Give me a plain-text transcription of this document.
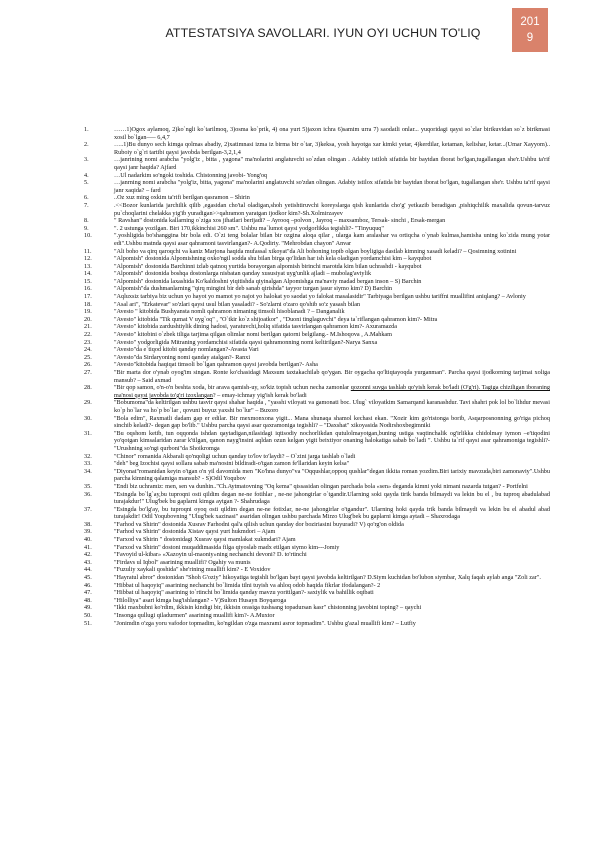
ATTESTATSIYA SAVOLLARI. IYUN OYI UCHUN TO'LIQ
201
9
1.	……1)Ogox aylamoq, 2)ko`ngli ko`tarilmoq, 3)osma ko`prik, 4) ona yurt 5)jaxon ichra 6)samim urra 7) saodatli onlar... yuqoridagi qaysi so`zlar birikuvidan so`z birikmasi xosil bo`lgan—– 6,4,7
2.	…..1)Bu dunyo sech kimga qolmas abadiy, 2)xatimnasi izma iz birma bir o`tar, 3)keksa, yosh hayotga xar kimki yetar, 4)kerdilar, ketaman, kelishar, ketar...(Umar Xayyom).. Rubоiy o`g`ri tartibi qaysi javobda berilgan-3,2,1,4
3.	…janrining nomi arabcha "yolg'iz , bitta , yagona" ma'nolarini anglatuvchi so`zdan olingan . Adabiy istiloh sifatida bir baytdan iborat bo'lgan,tugallangan she'r.Ushbu ta'rif qaysi janr haqida? Ajfard
4.	…Ul nadarkim so'ngoki toshida. Chistonning javobi- Yong'oq
5.	…janrning nomi arabcha "yolg'iz, bitta, yagona" ma'nolarini anglatuvchi so'zdan olingan. Adabiy istilox sifatida bir baytdan iborat bo'lgan, tugallangan she'r. Ushbu ta'rif qaysi janr xaqida? – fard
6.	..Oz xuz ming oxkim ta'rifi berilgan qasramon – Shirin
7.	.<<Bozor kunlarida jarchilik qilib ,egasidan cho'tal oladigan,shoh yetishtiruvchi koreyslarga qish kunlarida cho'g' yetkazib beradigan ,pishiqchilik maxalida qovun-tarvuz pu`choqlarini chelakka yig'ib yuradigan>>qahramon yaratgan ijodkor kim?-Sh.Xolmirzayev
8.	" Ravshan" dostonida kallarning o`ziga xos jihatlari berijadi? – Ayrooq –polvon , Jayroq – maxsamboz, Tersak- sinchi , Ersak-mergan
9.	". 2 ustunga yozilgan. Biri 170,ikkinchisi 260 sm". Ushbu ma`lumot qaysi yodgorlikka tegishli?- "Tinyuquq"
10.	".yoshligida bo'shanggina bir bola edi. O`zi teng bolalar bilan bir ozgina aloqa qilar , ularga kam aralashar va ortiqcha o`ynab kulmas,hamisha uning ko`zida mung yotar edi".Ushbu matnda qaysi asar qahramoni tasvirlangan?- A.Qodiriy. "Mehrobdan chayon" Anvar
11.	"Ali boho va qirq qaroqchi va kaniz Marjona haqida mufassal xikoyat"da Ali bohoning topib olgan boyligiga dastlab kimning xasadi keladi? – Qosimning xotinini
12.	"Alpomish" dostonida Alpomishning oxko'ngil sodda shu bilan birga qo'lidan har ish kela oladigan yordamchisi kim – kayqubot
13.	"Alpomish" dostonida Barchinni izlab qatnoq yurtida borayorgan alpomish birinchi marotda kim bilan uchrashdi - kayqubot
14.	"Alpomish" dostonida boshqa dostonlarga nisbatan qanday xususiyat uyg'unlik ajladi – mubolag'aviylik
15.	"Alpomish" dostonida laxashida Ko'kaldoshni yiqitishda qiyinalgan Alpomishga ma'naviy madad bergan inson – S) Barchin
16.	"Alpomish"da dushmanlarning "qirq mingini bir deb sanab qirishda" tayyor turgan jasur siymo kim? D) Barchin
17.	"Aqluxsiz tarbiya biz uchun yo hayot yo mamot yo najot yo halokat yo saodat yo falokat masalasidir" Tarbiyaga berilgan ushbu tariffni muallifini aniqlang? – Avloniy
18.	"Asal ari", "Erkatevar" so'zlari qaysi usul bilan yasaladi? - So'zlarni o'zaro qo'shib so'z yasash bilan
19.	"Avesto " kitobida Bushyansta nomli qahramon nimaning timsoli hisoblanadi ? – Danganalik
20.	"Avesto" kitobida "Tik qumat V uyg`oq" , "O`tkir ko`z shijoatkor" , "Duoni tinglaguvchi" deya ta`riflangan qahramon kim?- Mitra
21.	"Avesto" kitobida zardushtiylik dining hadosi, yaratuvchi,holiq sifatida tasvirlangan qahramon kim?- Axuramazda
22.	"Avesto" kitobini o`zbek tiliga tarjima qilgan olimlar nomi berilgan qatorni belgilang.- M.Ishoqova , A.Mahkam
23.	"Avesto" yodgorligida Mitraning yordamchisi sifatida qaysi qahramonning nomi keltirilgan?-Narya Sanxa
24.	"Avesto"da e`tiqod kitobi qanday nomlangan?-Avasta Vari
25.	"Avesto"da Sirdaryoning nomi qanday atalgan?- Ranxi
26.	"Avesto"kitobida haqiqat timsoli bo`lgan qahramon qaysi javobda berilgan?- Asha
27.	"Bir marta dor o'ynab oyog'im singan. Ronte ko'chasidagi Maxsum taxtakachilab qo'ygan. Bir oygacha qo'ltiqtayoqda yurganman". Parcha qaysi ijodkorning tarjimai xoliga mansub? – Said axmad
28.	"Bir qop samon, o'n-o'n beshta xoda, bir arava qamish-uy, so'kiz topish uchun necha zamonlar qozonni suvga tashlab qo'yish kerak bo'ladi (O'g'ri). Tagiga chiziligan iboraning ma'nosi qaysi javobda to'g'ri izoxlangan? – emay-ichmay yig'ish kerak bo'ladi
29.	"Bobumoma"da keltirilgan ushbu tasvir qaysi shahar haqida , "yasshi viloyati va gamonati boc. Ulug` viloyatkim Samarqand karanashdur. Tavi shahri pok lol bo`lihdur mevasi ko`p ho`lar va ho`p bo`lar , qovuni buyuz yaxshi bo`lur" – Buxoro
30.	"Bola edim", Raxmatli dadam gap er edilar. Bir mexmonxona yigit... Mana shunaqa shamol kechasi ekan. "Xozir kim go'ristonga borib, Asqarposnonning go'riga pichoq sinchib keladi?- degan gap bo'lib." Ushbu parcha qaysi asar qaxramoniga tegishli? – "Daxshat" xikoyasida Nodirshoxbegimniki
31.	"Bu oqshom ketib, tun oqqonda ishdan qaytadigan,nilasidagi iqtisodiy nochorlikdan qutulolmayotgan,buning ustiga vaqtinchalik og'irlikka chidolmay iymon –e'tiqodini yo'qotgan kimsalaridan zarar k'tilgan, qanon nayg'insini aqldan ozun kelgan yigit beixtiyor onaning halokatiga sabab bo`ladi ". Ushbu ta`rif qaysi asar qahramoniga tegishli?- "Urushning so'ngi qurboni"da Shoikromga
32.	"Chinor" romanida Akbarali qo'nqoligi uchun qanday to'lov to'laydi? – O`zini jarga tashlab o`ladi
33.	"deh" beg Izochisi qaysi sollarа sabab ma'nosini bildiradi-o'tgan zamon fe'llaridan keyin kelsa"
34.	"Diyonat"romanidan keyin o'tgan o'n yil davomida men "Ko'hna dunyo"va "Oqqushlar,oppoq qushlar"degan ikkita roman yozdim.Biri tarixiy mavzuda,biri zamonaviy".Ushbu parcha kimning qalamiga mansub? - S)Odil Yoqubov
35.	"Endi biz uchramiz: men, sen va dunhin.."Ch.Aytmatovning "Oq kema" qissasidan olingan parchada bola «sen» deganda kimni yoki nimani nazarda tutgan? - Portfelni
36.	"Esingda bo`lg`ay,bu tuproqni osti qildim degan ne-ne fotihlar , ne-ne jahongirlar o`tgandir.Ularning soki qayda tirik banda bilmaydi va lekin bu el , bu tuproq abadulabad turajakdur!" Ulug'bek bu gaplarni kimga aytgan ?- Shahrudaga
37.	"Esingda bo'lg'ay, bu tuproqni oyoq osti qildim degan ne-ne fotixlar, ne-ne jahongirlar o'tgandur". Ularning hoki qayda trik banda bilmaydi va lekin bu el abadul abad turajakdir! Odil Yoqubovning "Ulug'bek xazinasi" asaridan olingan ushbu parchada Mirzo Ulug'bek bu gaplarni kimga aytadi – Shaxrodaga
38.	"Farhod va Shirin" dostonida Xusrav Farhodni qal'a qilish uchun qanday dor boziriasini buyuradi? V) qo'rg'on oldida
39.	"Farhod va Shirin" dostonida Xistav qaysi yurt hukmdori – Ajam
40.	"Farxod va Shirin " dostonidagi Xusrav qaysi mamlakat xukmdari? Ajam
41.	"Farxod va Shirin" dostoni muqaddimasida filga qiyoslab madx etilgan siymo kim---Jomiy
42.	"Favoyid ul-kibar» «Xazoyin ul-maoniy»ning nechanchi devoni? D. to'rtinchi
43.	"Firdavs ul Iqbol" asarining muallifi? Ogahiy va munis
44.	"Fuzuliy xaykali qoshida" she'rining muallifi kim? - E Voxidov
45.	"Hayratul abror" dostonidan "Shoh G'oziy" hikoyatiga tegishli bo'lgan bayt qaysi javobda keltirilgan? D.Siym kuchidan bo'lubon siymbar, Xalq faqah aylab anga "Zoli zar".
46.	"Hibbat ul haqoyiq" asarining nechanchi bo`limida tilni tuyish va ahloq odob haqida fikrlar ifodalangan?- 2
47.	"Hibbat ul haqoyiq" asarining to`rtinchi bo`limida qanday mavzu yoritilgan?- saxiylik va bahillik oqibati
48.	"Hilolliya" asari kimga bag'ishlangan? - V)Sulton Husayn Boyqaroga
49.	"Ikki maxbubni ko'rdim, ikkisin kindigi bir, ikkisin orasiga tushsang topadursan kasr" chistonning javobini toping? – qaychi
50.	"Insonga qullugi qiladurmen" asarining muallifi kim?- A.Muxtor
51.	"Jonimdin o'zga yoru vafodor topmadim, ko'ngildan o'zga maxrami asror topmadim". Ushbu g'azal muallifi kim? – Lutfiy
